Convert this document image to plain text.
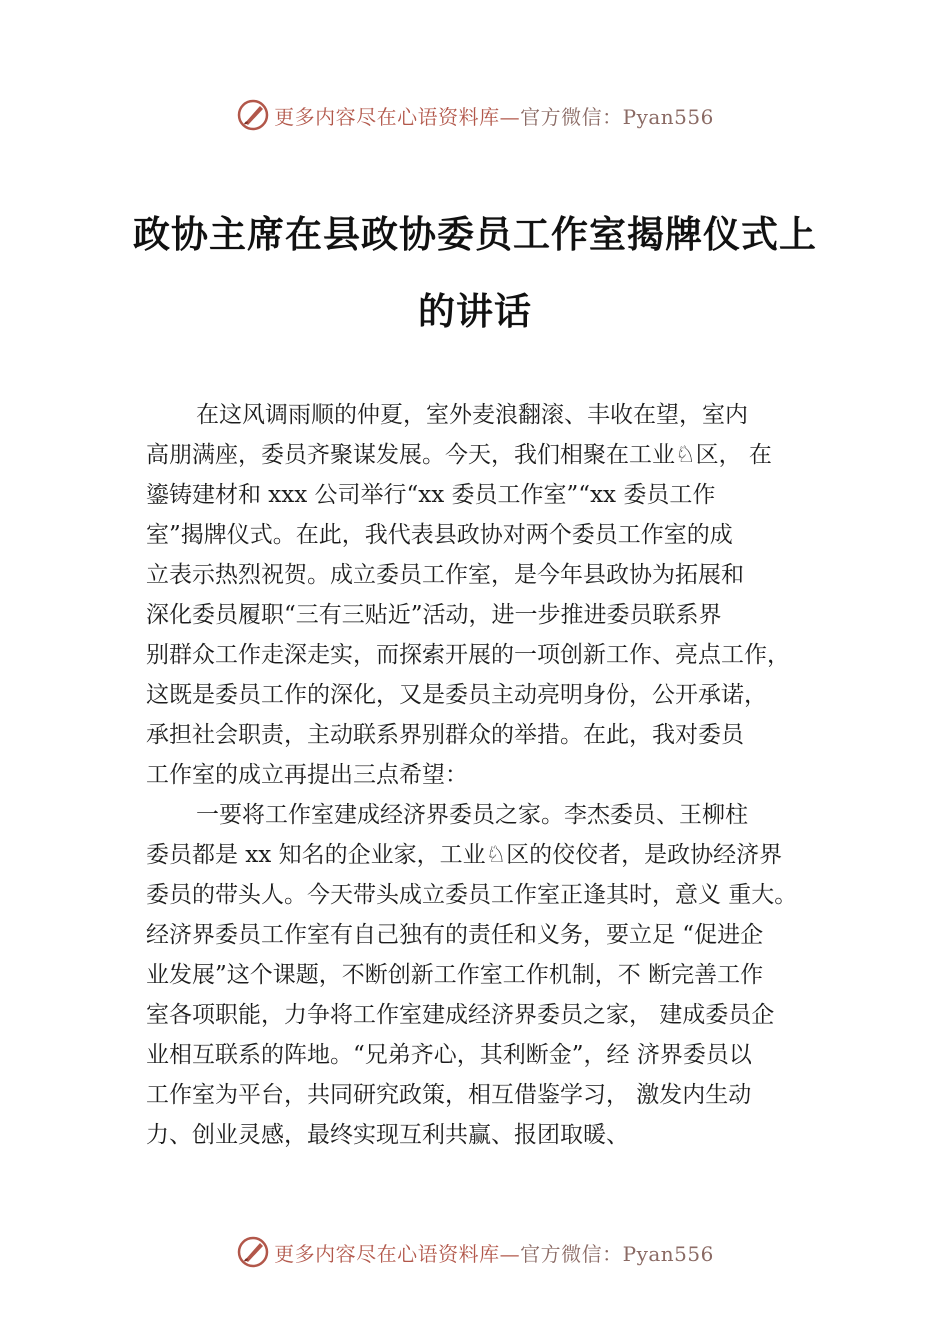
更多内容尽在心语资料库—官方微信：Pyan556
政协主席在县政协委员工作室揭牌仪式上
的讲话
在这风调雨顺的仲夏，室外麦浪翻滚、丰收在望，室内
高朋满座，委员齐聚谋发展。今天，我们相聚在工业♘区， 在
鎏铸建材和 xxx 公司举行“xx 委员工作室”“xx 委员工作
室”揭牌仪式。在此，我代表县政协对两个委员工作室的成
立表示热烈祝贺。成立委员工作室，是今年县政协为拓展和
深化委员履职“三有三贴近”活动，进一步推进委员联系界
别群众工作走深走实，而探索开展的一项创新工作、亮点工作，
这既是委员工作的深化，又是委员主动亮明身份，公开承诺，
承担社会职责，主动联系界别群众的举措。在此，我对委员
工作室的成立再提出三点希望：
一要将工作室建成经济界委员之家。李杰委员、王柳柱
委员都是 xx 知名的企业家，工业♘区的佼佼者，是政协经济界
委员的带头人。今天带头成立委员工作室正逢其时，意义 重大。
经济界委员工作室有自己独有的责任和义务，要立足 “促进企
业发展”这个课题，不断创新工作室工作机制，不 断完善工作
室各项职能，力争将工作室建成经济界委员之家， 建成委员企
业相互联系的阵地。“兄弟齐心，其利断金”，经 济界委员以
工作室为平台，共同研究政策，相互借鉴学习， 激发内生动
力、创业灵感，最终实现互利共赢、报团取暖、
更多内容尽在心语资料库—官方微信：Pyan556
